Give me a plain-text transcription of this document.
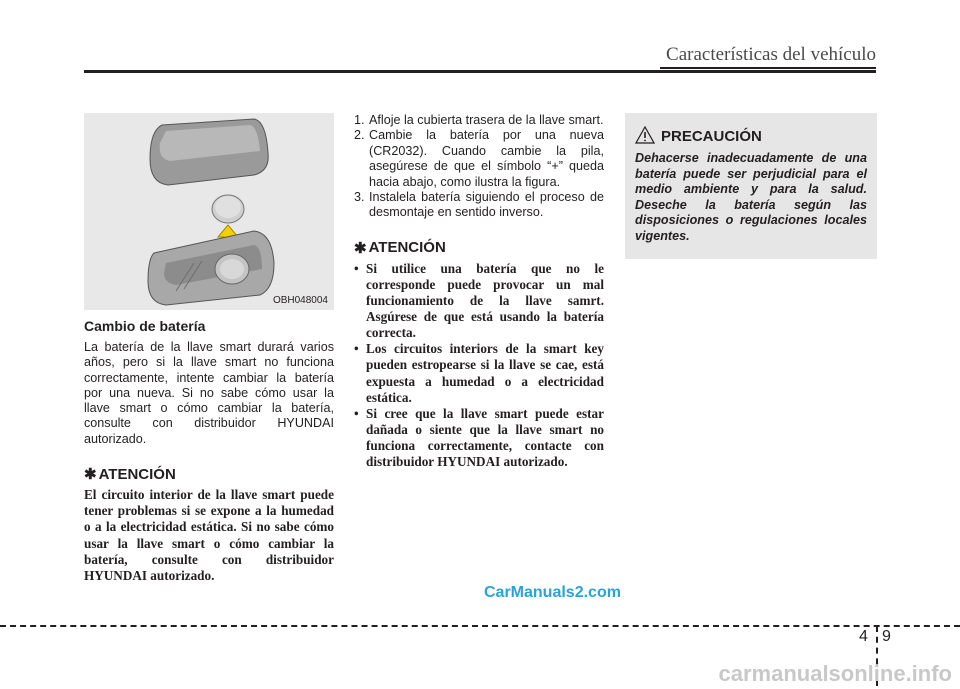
Características del vehículo
OBH048004
Cambio de batería

La batería de la llave smart durará varios años, pero si la llave smart no funciona correctamente, intente cambiar la batería por una nueva. Si no sabe cómo usar la llave smart o cómo cambiar la batería, consulte con distribuidor HYUNDAI autorizado.

✱ ATENCIÓN

El circuito interior de la llave smart puede tener problemas si se expone a la humedad o a la electricidad estática. Si no sabe cómo usar la llave smart o cómo cambiar la batería, consulte con distribuidor HYUNDAI autorizado.

1. Afloje la cubierta trasera de la llave smart.
2. Cambie la batería por una nueva (CR2032). Cuando cambie la pila, asegúrese de que el símbolo “+” queda hacia abajo, como ilustra la figura.
3. Instalela batería siguiendo el proceso de desmontaje en sentido inverso.
✱ ATENCIÓN
• Si utilice una batería que no le corresponde puede provocar un mal funcionamiento de la llave samrt. Asgúrese de que está usando la batería correcta.
• Los circuitos interiors de la smart key pueden estropearse si la llave se cae, está expuesta a humedad o a electricidad estática.
• Si cree que la llave smart puede estar dañada o siente que la llave smart no funciona correctamente, contacte con distribuidor HYUNDAI autorizado.
PRECAUCIÓN

Dehacerse inadecuadamente de una batería puede ser perjudicial para el medio ambiente y para la salud. Deseche la batería según las disposiciones o regulaciones locales vigentes.

CarManuals2.com
4 9
carmanualsonline.info
